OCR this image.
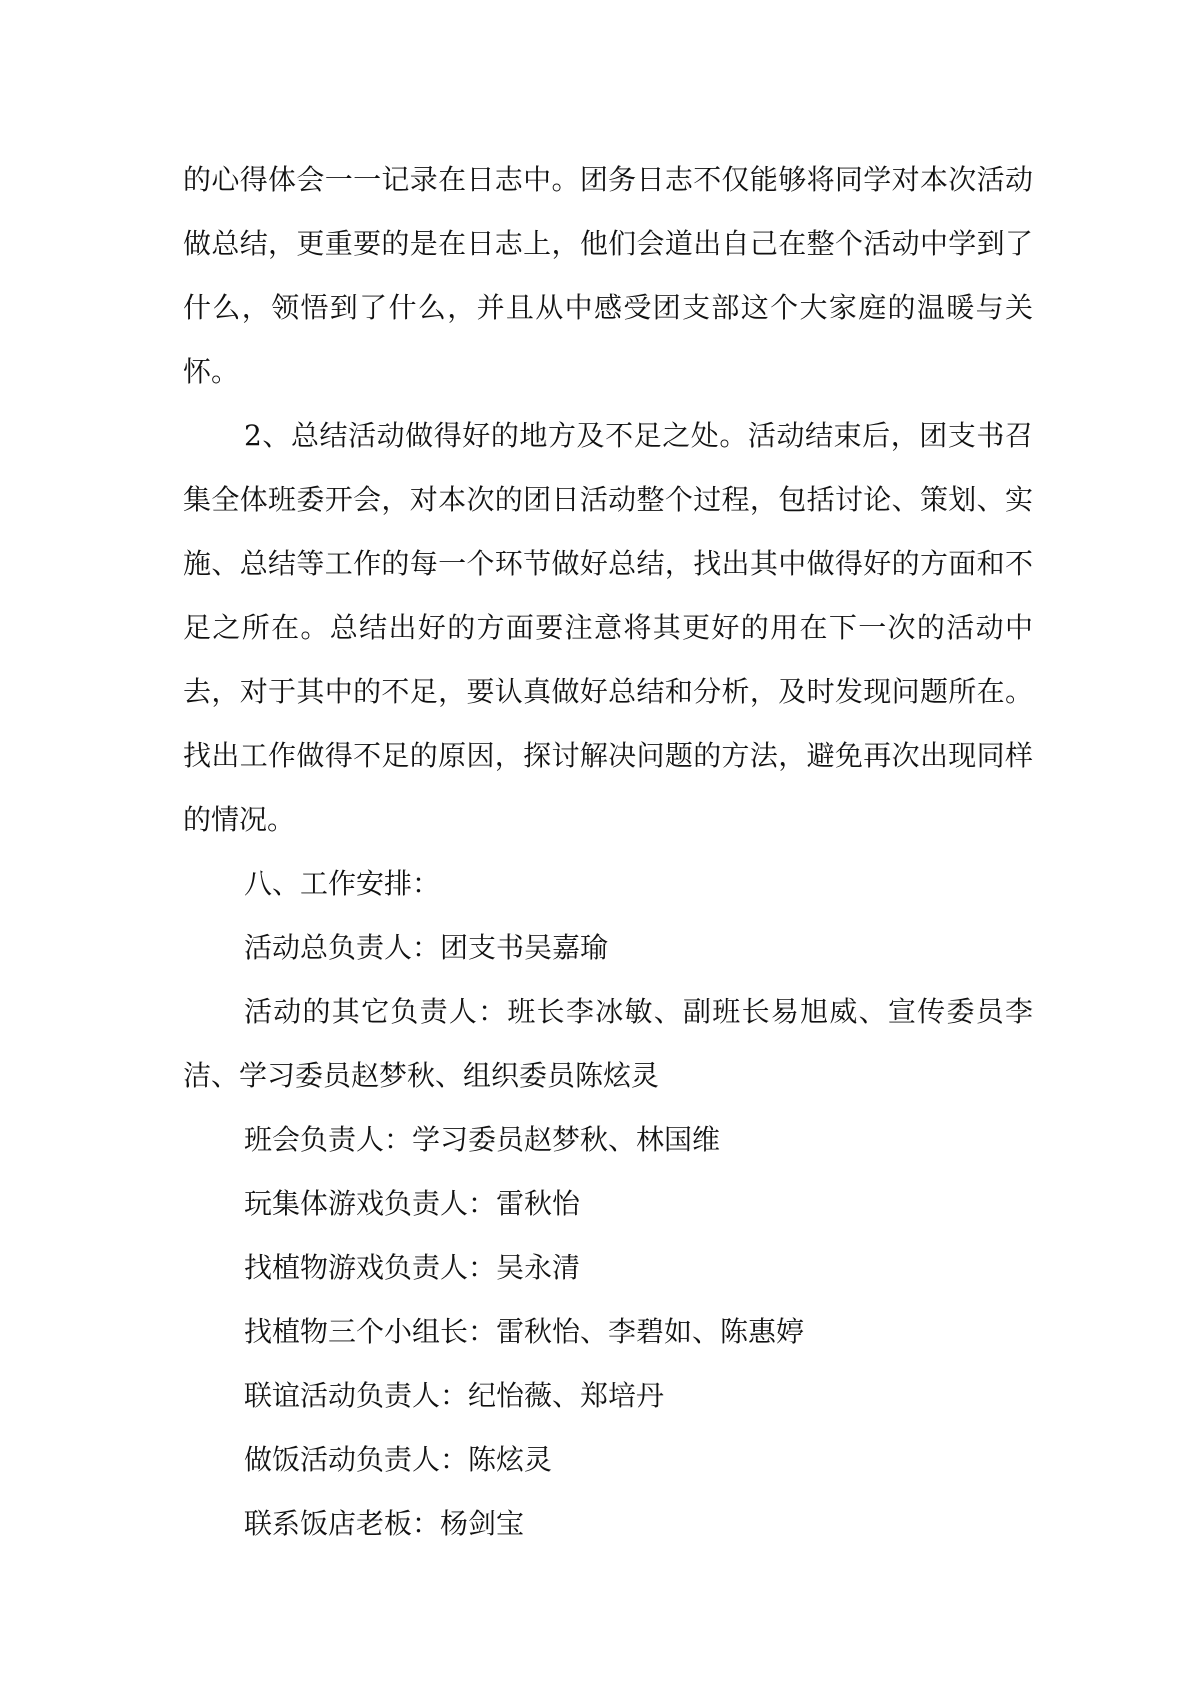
的心得体会一一记录在日志中。团务日志不仅能够将同学对本次活动做总结，更重要的是在日志上，他们会道出自己在整个活动中学到了什么，领悟到了什么，并且从中感受团支部这个大家庭的温暖与关怀。

2、总结活动做得好的地方及不足之处。活动结束后，团支书召集全体班委开会，对本次的团日活动整个过程，包括讨论、策划、实施、总结等工作的每一个环节做好总结，找出其中做得好的方面和不足之所在。总结出好的方面要注意将其更好的用在下一次的活动中去，对于其中的不足，要认真做好总结和分析，及时发现问题所在。找出工作做得不足的原因，探讨解决问题的方法，避免再次出现同样的情况。

八、工作安排：

活动总负责人：团支书吴嘉瑜

活动的其它负责人：班长李冰敏、副班长易旭威、宣传委员李洁、学习委员赵梦秋、组织委员陈炫灵

班会负责人：学习委员赵梦秋、林国维

玩集体游戏负责人：雷秋怡

找植物游戏负责人：吴永清

找植物三个小组长：雷秋怡、李碧如、陈惠婷

联谊活动负责人：纪怡薇、郑培丹

做饭活动负责人：陈炫灵

联系饭店老板：杨剑宝
